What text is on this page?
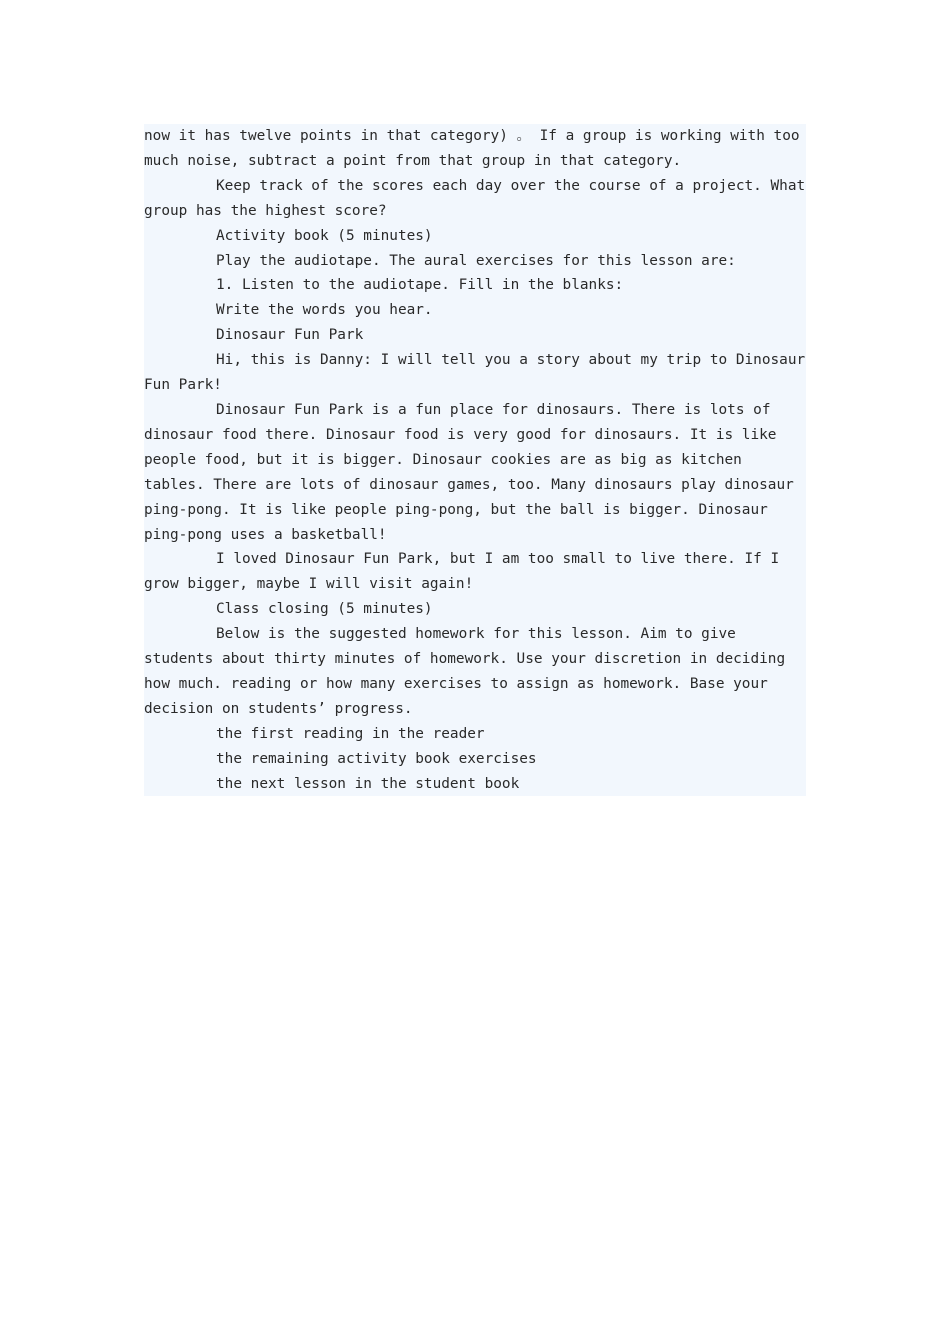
now it has twelve points in that category) 。 If a group is working with too much noise, subtract a point from that group in that category.

Keep track of the scores each day over the course of a project. What group has the highest score?

Activity book (5 minutes)

Play the audiotape. The aural exercises for this lesson are:

1. Listen to the audiotape. Fill in the blanks:

Write the words you hear.

Dinosaur Fun Park

Hi, this is Danny: I will tell you a story about my trip to Dinosaur Fun Park!

Dinosaur Fun Park is a fun place for dinosaurs. There is lots of dinosaur food there. Dinosaur food is very good for dinosaurs. It is like people food, but it is bigger. Dinosaur cookies are as big as kitchen tables. There are lots of dinosaur games, too. Many dinosaurs play dinosaur ping-pong. It is like people ping-pong, but the ball is bigger. Dinosaur ping-pong uses a basketball!

I loved Dinosaur Fun Park, but I am too small to live there. If I grow bigger, maybe I will visit again!

Class closing (5 minutes)

Below is the suggested homework for this lesson. Aim to give students about thirty minutes of homework. Use your discretion in deciding how much. reading or how many exercises to assign as homework. Base your decision on students’ progress.

the first reading in the reader

the remaining activity book exercises

the next lesson in the student book
